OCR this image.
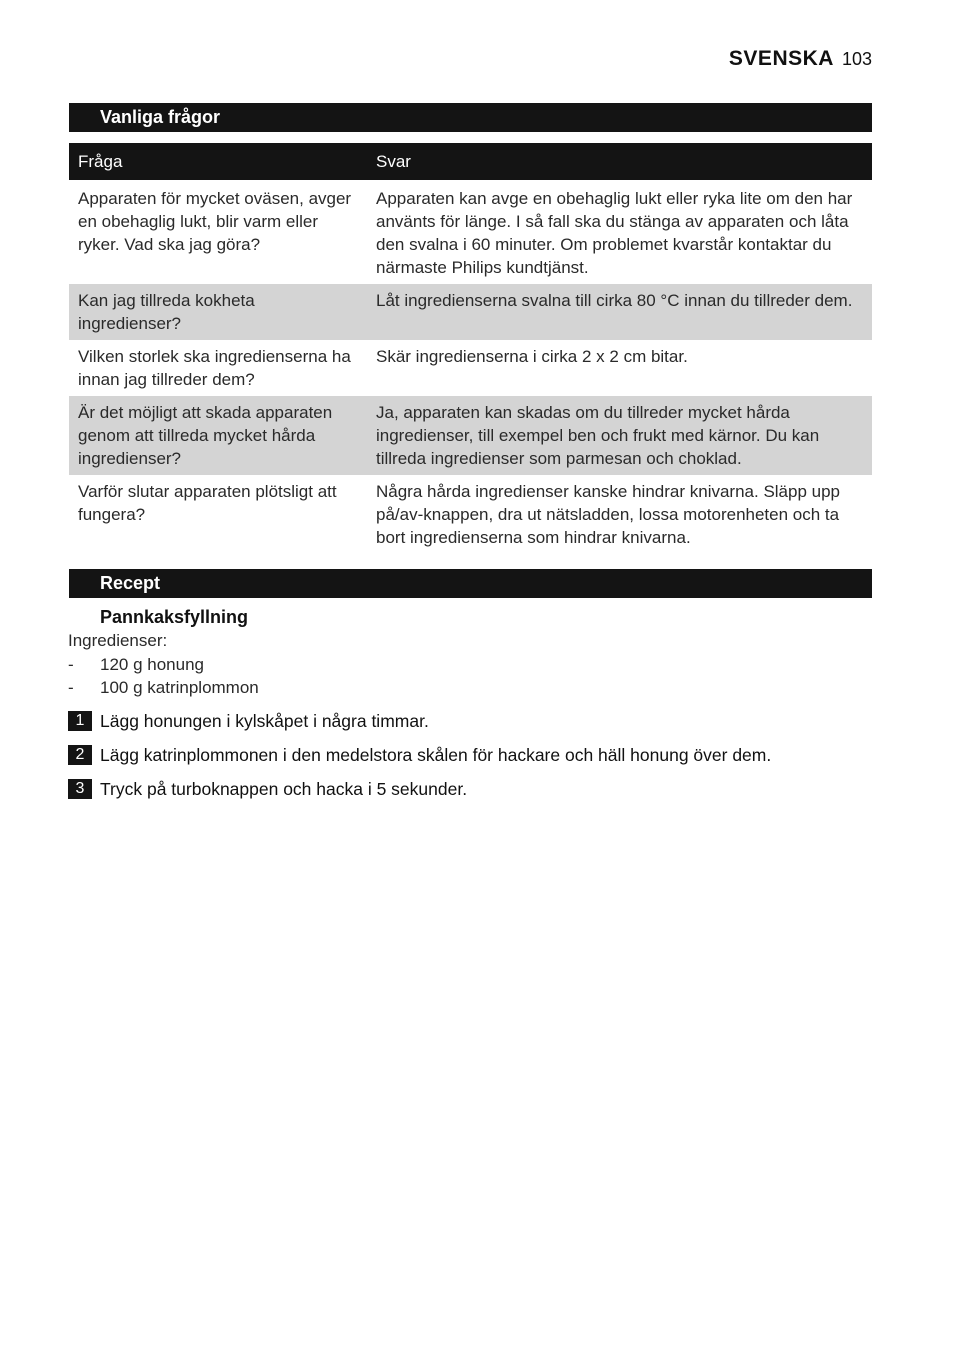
SVENSKA 103
Vanliga frågor
Fråga	Svar
Apparaten för mycket oväsen, avger en obehaglig lukt, blir varm eller ryker. Vad ska jag göra?	Apparaten kan avge en obehaglig lukt eller ryka lite om den har använts för länge. I så fall ska du stänga av apparaten och låta den svalna i 60 minuter. Om problemet kvarstår kontaktar du närmaste Philips kundtjänst.
Kan jag tillreda kokheta ingredienser?	Låt ingredienserna svalna till cirka 80 °C innan du tillreder dem.
Vilken storlek ska ingredienserna ha innan jag tillreder dem?	Skär ingredienserna i cirka 2 x 2 cm bitar.
Är det möjligt att skada apparaten genom att tillreda mycket hårda ingredienser?	Ja, apparaten kan skadas om du tillreder mycket hårda ingredienser, till exempel ben och frukt med kärnor. Du kan tillreda ingredienser som parmesan och choklad.
Varför slutar apparaten plötsligt att fungera?	Några hårda ingredienser kanske hindrar knivarna. Släpp upp på/av-knappen, dra ut nätsladden, lossa motorenheten och ta bort ingredienserna som hindrar knivarna.
Recept
Pannkaksfyllning
Ingredienser:
-	120 g honung
-	100 g katrinplommon
1 Lägg honungen i kylskåpet i några timmar.
2 Lägg katrinplommonen i den medelstora skålen för hackare och häll honung över dem.
3 Tryck på turboknappen och hacka i 5 sekunder.
